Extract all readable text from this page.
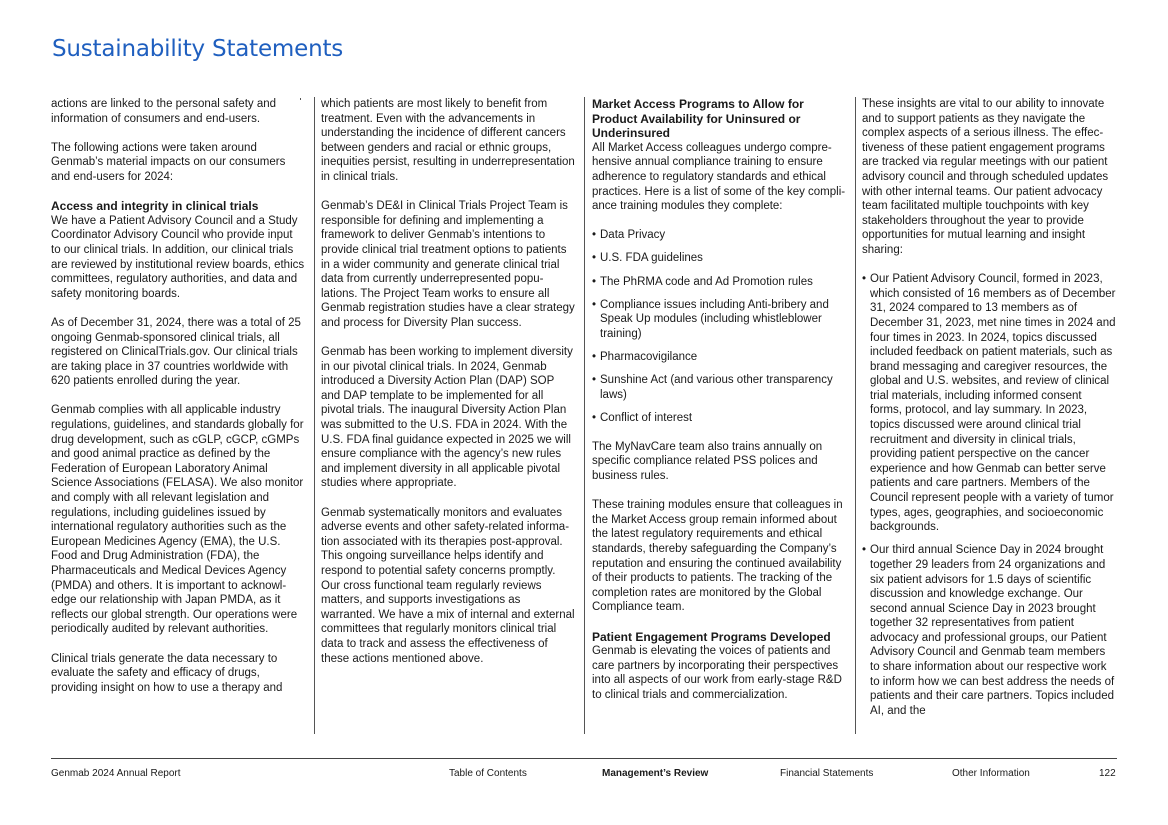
Sustainability Statements

actions are linked to the personal safety and information of consumers and end-users.

The following actions were taken around Genmab’s material impacts on our consumers and end-users for 2024:

Access and integrity in clinical trials

We have a Patient Advisory Council and a Study Coordinator Advisory Council who provide input to our clinical trials. In addition, our clinical trials are reviewed by institutional review boards, ethics committees, regulatory authorities, and data and safety monitoring boards.

As of December 31, 2024, there was a total of 25 ongoing Genmab-sponsored clinical trials, all registered on ClinicalTrials.gov. Our clinical trials are taking place in 37 countries worldwide with 620 patients enrolled during the year.

Genmab complies with all applicable industry regulations, guidelines, and standards globally for drug development, such as cGLP, cGCP, cGMPs and good animal practice as defined by the Federation of European Laboratory Animal Science Associations (FELASA). We also monitor and comply with all relevant legislation and regulations, including guidelines issued by international regulatory authorities such as the European Medicines Agency (EMA), the U.S. Food and Drug Administration (FDA), the Pharmaceuticals and Medical Devices Agency (PMDA) and others. It is important to acknowledge our relationship with Japan PMDA, as it reflects our global strength. Our operations were periodically audited by relevant authorities.

Clinical trials generate the data necessary to evaluate the safety and efficacy of drugs, providing insight on how to use a therapy and

which patients are most likely to benefit from treatment. Even with the advancements in understanding the incidence of different cancers between genders and racial or ethnic groups, inequities persist, resulting in underrepresentation in clinical trials.

Genmab’s DE&I in Clinical Trials Project Team is responsible for defining and implementing a framework to deliver Genmab’s intentions to provide clinical trial treatment options to patients in a wider community and generate clinical trial data from currently underrepresented populations. The Project Team works to ensure all Genmab registration studies have a clear strategy and process for Diversity Plan success.

Genmab has been working to implement diversity in our pivotal clinical trials. In 2024, Genmab introduced a Diversity Action Plan (DAP) SOP and DAP template to be implemented for all pivotal trials. The inaugural Diversity Action Plan was submitted to the U.S. FDA in 2024. With the U.S. FDA final guidance expected in 2025 we will ensure compliance with the agency’s new rules and implement diversity in all applicable pivotal studies where appropriate.

Genmab systematically monitors and evaluates adverse events and other safety-related information associated with its therapies post-approval. This ongoing surveillance helps identify and respond to potential safety concerns promptly. Our cross functional team regularly reviews matters, and supports investigations as warranted. We have a mix of internal and external committees that regularly monitors clinical trial data to track and assess the effectiveness of these actions mentioned above.

Market Access Programs to Allow for Product Availability for Uninsured or Underinsured

All Market Access colleagues undergo comprehensive annual compliance training to ensure adherence to regulatory standards and ethical practices. Here is a list of some of the key compliance training modules they complete:

• Data Privacy
• U.S. FDA guidelines
• The PhRMA code and Ad Promotion rules
• Compliance issues including Anti-bribery and Speak Up modules (including whistleblower training)
• Pharmacovigilance
• Sunshine Act (and various other transparency laws)
• Conflict of interest

The MyNavCare team also trains annually on specific compliance related PSS polices and business rules.

These training modules ensure that colleagues in the Market Access group remain informed about the latest regulatory requirements and ethical standards, thereby safeguarding the Company’s reputation and ensuring the continued availability of their products to patients. The tracking of the completion rates are monitored by the Global Compliance team.

Patient Engagement Programs Developed

Genmab is elevating the voices of patients and care partners by incorporating their perspectives into all aspects of our work from early-stage R&D to clinical trials and commercialization.

These insights are vital to our ability to innovate and to support patients as they navigate the complex aspects of a serious illness. The effectiveness of these patient engagement programs are tracked via regular meetings with our patient advisory council and through scheduled updates with other internal teams. Our patient advocacy team facilitated multiple touchpoints with key stakeholders throughout the year to provide opportunities for mutual learning and insight sharing:

• Our Patient Advisory Council, formed in 2023, which consisted of 16 members as of December 31, 2024 compared to 13 members as of December 31, 2023, met nine times in 2024 and four times in 2023. In 2024, topics discussed included feedback on patient materials, such as brand messaging and caregiver resources, the global and U.S. websites, and review of clinical trial materials, including informed consent forms, protocol, and lay summary. In 2023, topics discussed were around clinical trial recruitment and diversity in clinical trials, providing patient perspective on the cancer experience and how Genmab can better serve patients and care partners. Members of the Council represent people with a variety of tumor types, ages, geographies, and socioeconomic backgrounds.
• Our third annual Science Day in 2024 brought together 29 leaders from 24 organizations and six patient advisors for 1.5 days of scientific discussion and knowledge exchange. Our second annual Science Day in 2023 brought together 32 representatives from patient advocacy and professional groups, our Patient Advisory Council and Genmab team members to share information about our respective work to inform how we can best address the needs of patients and their care partners. Topics included AI, and the
Genmab 2024 Annual Report	Table of Contents	Management’s Review	Financial Statements	Other Information	122
